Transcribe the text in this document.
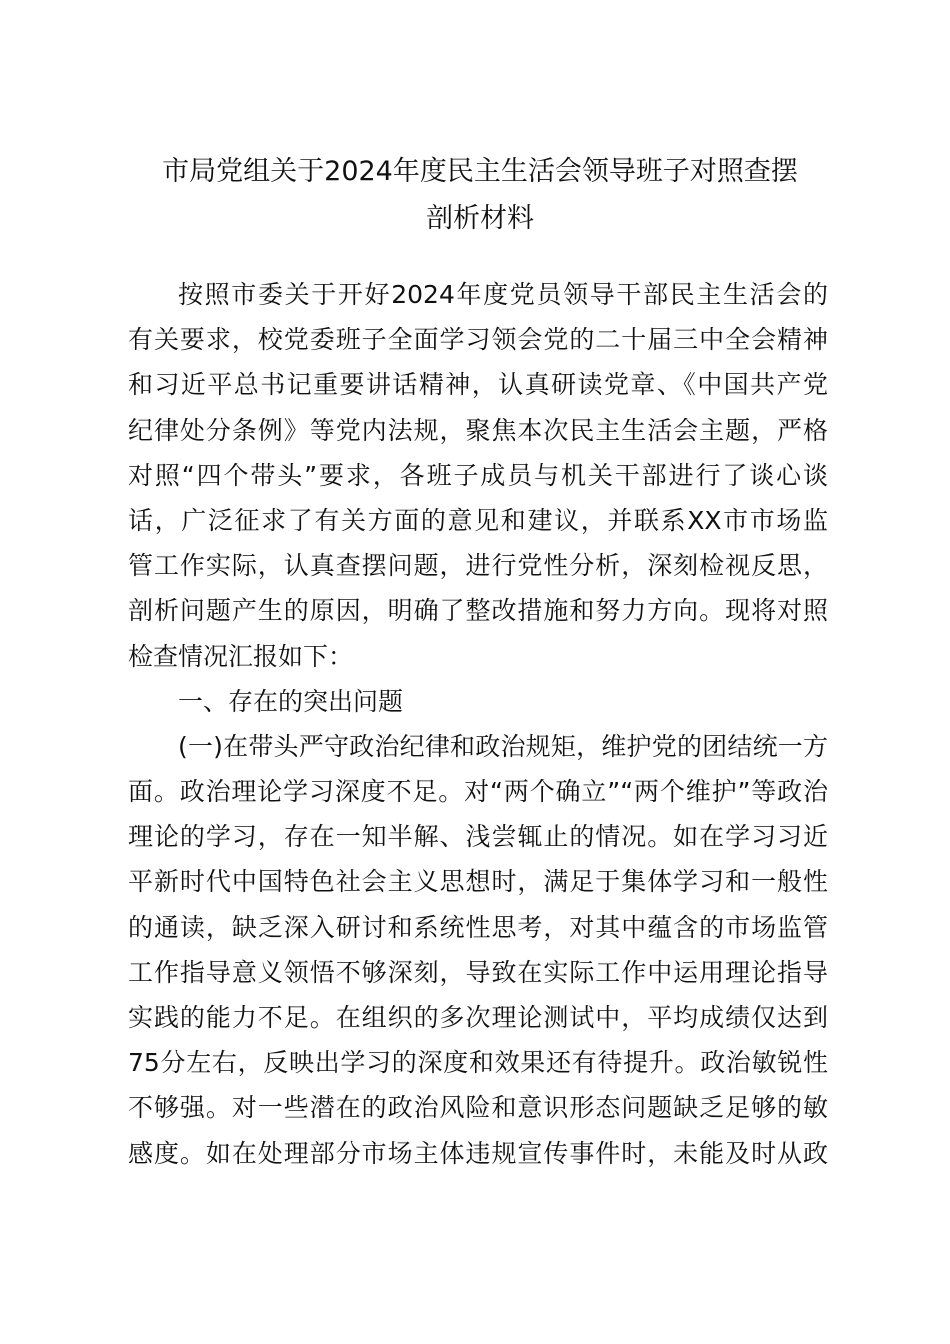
市局党组关于2024年度民主生活会领导班子对照查摆
剖析材料
按照市委关于开好2024年度党员领导干部民主生活会的
有关要求，校党委班子全面学习领会党的二十届三中全会精神
和习近平总书记重要讲话精神，认真研读党章、《中国共产党
纪律处分条例》等党内法规，聚焦本次民主生活会主题，严格
对照“四个带头”要求，各班子成员与机关干部进行了谈心谈
话，广泛征求了有关方面的意见和建议，并联系XX市市场监
管工作实际，认真查摆问题，进行党性分析，深刻检视反思，
剖析问题产生的原因，明确了整改措施和努力方向。现将对照
检查情况汇报如下：
一、存在的突出问题
(一)在带头严守政治纪律和政治规矩，维护党的团结统一方
面。政治理论学习深度不足。对“两个确立”“两个维护”等政治
理论的学习，存在一知半解、浅尝辄止的情况。如在学习习近
平新时代中国特色社会主义思想时，满足于集体学习和一般性
的通读，缺乏深入研讨和系统性思考，对其中蕴含的市场监管
工作指导意义领悟不够深刻，导致在实际工作中运用理论指导
实践的能力不足。在组织的多次理论测试中，平均成绩仅达到
75分左右，反映出学习的深度和效果还有待提升。政治敏锐性
不够强。对一些潜在的政治风险和意识形态问题缺乏足够的敏
感度。如在处理部分市场主体违规宣传事件时，未能及时从政
